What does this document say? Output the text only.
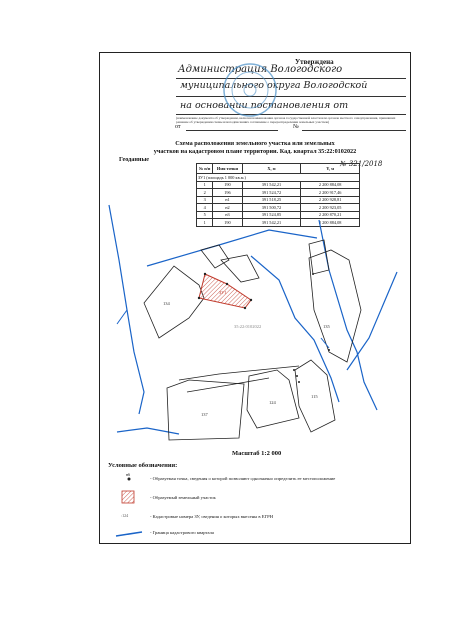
Утверждена
Администрация Вологодского
муниципального округа Вологодской
на основании постановления от
(наименование документа об утверждении, включая наименования органов государственной власти или органов местного самоуправления, принявших решение об утверждении схемы или подписавших соглашение о перераспределении земельных участков)
от	№
Схема расположения земельного участка или земельных
участков на кадастровом плане территории. Кад. квартал 35:22:0102022
Геоданные
№ 321/2018
№ п/п	Имя точки	X, м	Y, м
ЗУ1 (площадь 1 000 кв.м.)			
1	190	391 542,21	2 200 884,08
2	196	391 524,72	2 200 917,46
3	н1	391 518,25	2 200 928,81
4	н2	391 500,72	2 200 923,05
5	н3	391 524,85	2 200 870,21
1	190	391 542,21	2 200 884,08
134
137
124
115
135
35:22:0102022
ЗУ1
Масштаб 1:2 000
Условные обозначения:
н6
- Образуемая точка, сведения о которой позволяют однозначно определить ее местоположение
- Образуемый земельный участок
:124	- Кадастровые номера ЗУ, сведения о которых внесены в ЕГРН
- Граница кадастрового квартала
